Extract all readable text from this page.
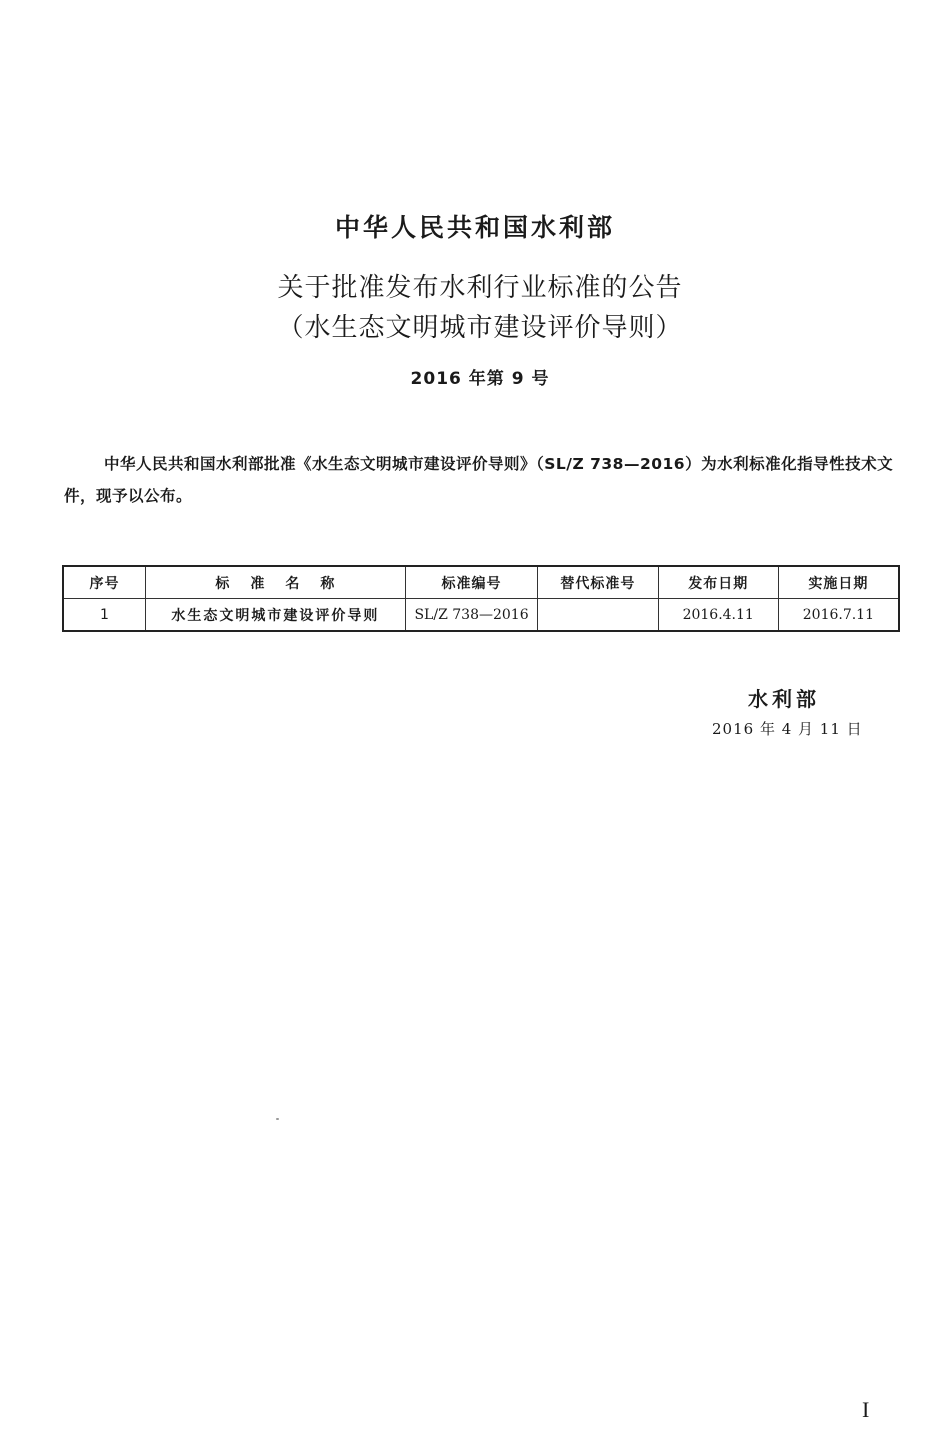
中华人民共和国水利部
关于批准发布水利行业标准的公告
（水生态文明城市建设评价导则）
2016 年第 9 号
中华人民共和国水利部批准《水生态文明城市建设评价导则》（SL/Z 738—2016）为水利标准化指导性技术文件，现予以公布。
序号	标 准 名 称	标准编号	替代标准号	发布日期	实施日期
1	水生态文明城市建设评价导则	SL/Z 738—2016		2016.4.11	2016.7.11
水利部
2016 年 4 月 11 日
I
